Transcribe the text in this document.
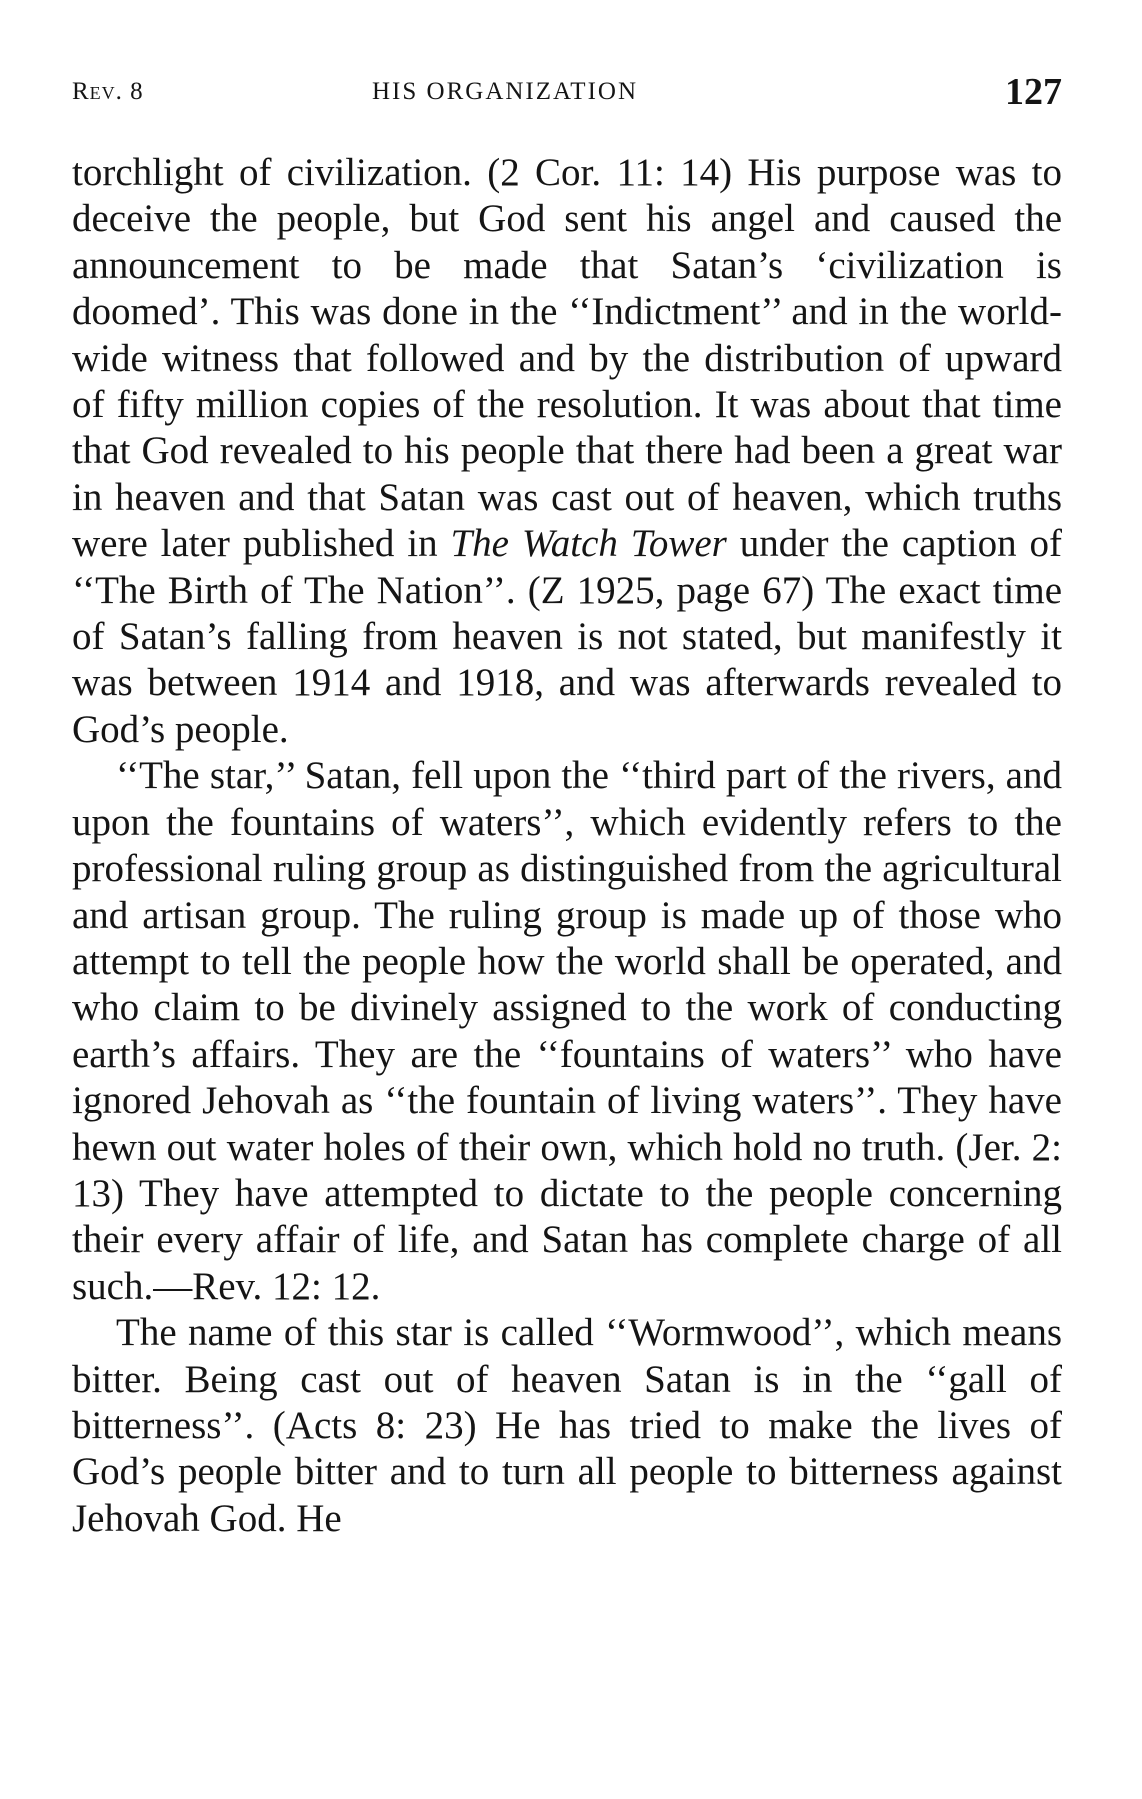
Rev. 8	HIS ORGANIZATION	127

torchlight of civilization. (2 Cor. 11: 14) His purpose was to deceive the people, but God sent his angel and caused the announcement to be made that Satan’s ‘civilization is doomed’. This was done in the ‘‘Indictment’’ and in the world-wide witness that followed and by the distribution of upward of fifty million copies of the resolution. It was about that time that God revealed to his people that there had been a great war in heaven and that Satan was cast out of heaven, which truths were later published in The Watch Tower under the caption of ‘‘The Birth of The Nation’’. (Z 1925, page 67) The exact time of Satan’s falling from heaven is not stated, but manifestly it was between 1914 and 1918, and was afterwards revealed to God’s people.

‘‘The star,’’ Satan, fell upon the ‘‘third part of the rivers, and upon the fountains of waters’’, which evidently refers to the professional ruling group as distinguished from the agricultural and artisan group. The ruling group is made up of those who attempt to tell the people how the world shall be operated, and who claim to be divinely assigned to the work of conducting earth’s affairs. They are the ‘‘fountains of waters’’ who have ignored Jehovah as ‘‘the fountain of living waters’’. They have hewn out water holes of their own, which hold no truth. (Jer. 2: 13) They have attempted to dictate to the people concerning their every affair of life, and Satan has complete charge of all such.—Rev. 12: 12.

The name of this star is called ‘‘Wormwood’’, which means bitter. Being cast out of heaven Satan is in the ‘‘gall of bitterness’’. (Acts 8: 23) He has tried to make the lives of God’s people bitter and to turn all people to bitterness against Jehovah God. He
